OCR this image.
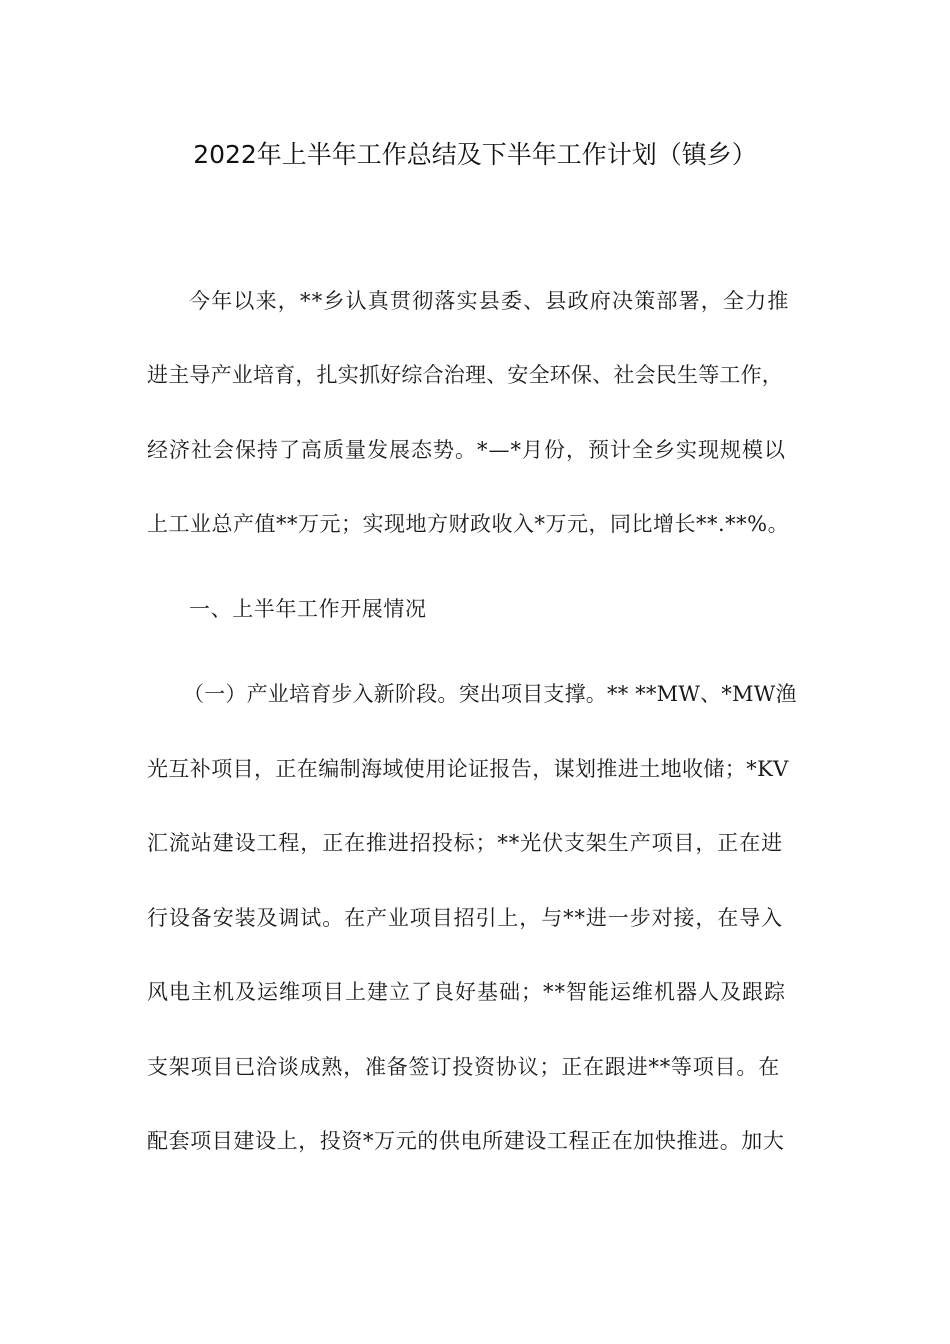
2022年上半年工作总结及下半年工作计划（镇乡）
今年以来，**乡认真贯彻落实县委、县政府决策部署，全力推
进主导产业培育，扎实抓好综合治理、安全环保、社会民生等工作，
经济社会保持了高质量发展态势。*—*月份，预计全乡实现规模以
上工业总产值**万元；实现地方财政收入*万元，同比增长**.**%。
一、上半年工作开展情况
（一）产业培育步入新阶段。突出项目支撑。** **MW、*MW渔
光互补项目，正在编制海域使用论证报告，谋划推进土地收储；*KV
汇流站建设工程，正在推进招投标；**光伏支架生产项目，正在进
行设备安装及调试。在产业项目招引上，与**进一步对接，在导入
风电主机及运维项目上建立了良好基础；**智能运维机器人及跟踪
支架项目已洽谈成熟，准备签订投资协议；正在跟进**等项目。在
配套项目建设上，投资*万元的供电所建设工程正在加快推进。加大
